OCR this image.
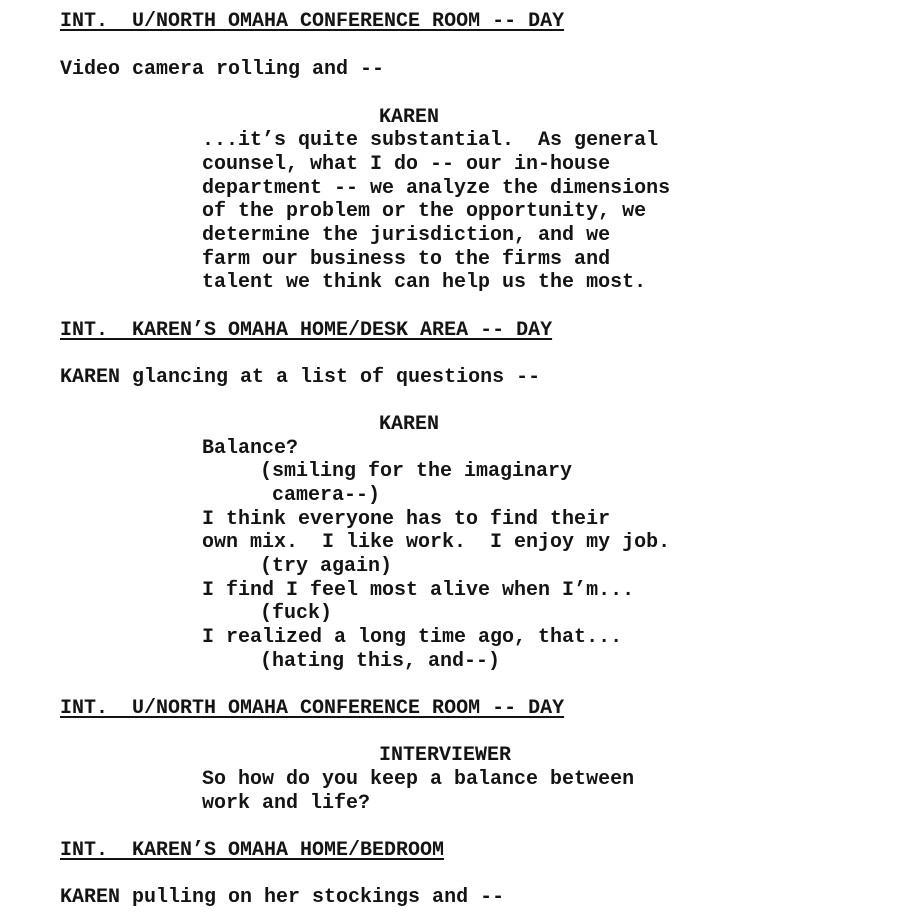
INT.  U/NORTH OMAHA CONFERENCE ROOM -- DAY
Video camera rolling and --
KAREN
...it’s quite substantial.  As general
counsel, what I do -- our in-house
department -- we analyze the dimensions
of the problem or the opportunity, we
determine the jurisdiction, and we
farm our business to the firms and
talent we think can help us the most.
INT.  KAREN’S OMAHA HOME/DESK AREA -- DAY
KAREN glancing at a list of questions --
KAREN
Balance?
(smiling for the imaginary
camera--)
I think everyone has to find their
own mix.  I like work.  I enjoy my job.
(try again)
I find I feel most alive when I’m...
(fuck)
I realized a long time ago, that...
(hating this, and--)
INT.  U/NORTH OMAHA CONFERENCE ROOM -- DAY
INTERVIEWER
So how do you keep a balance between
work and life?
INT.  KAREN’S OMAHA HOME/BEDROOM
KAREN pulling on her stockings and --
